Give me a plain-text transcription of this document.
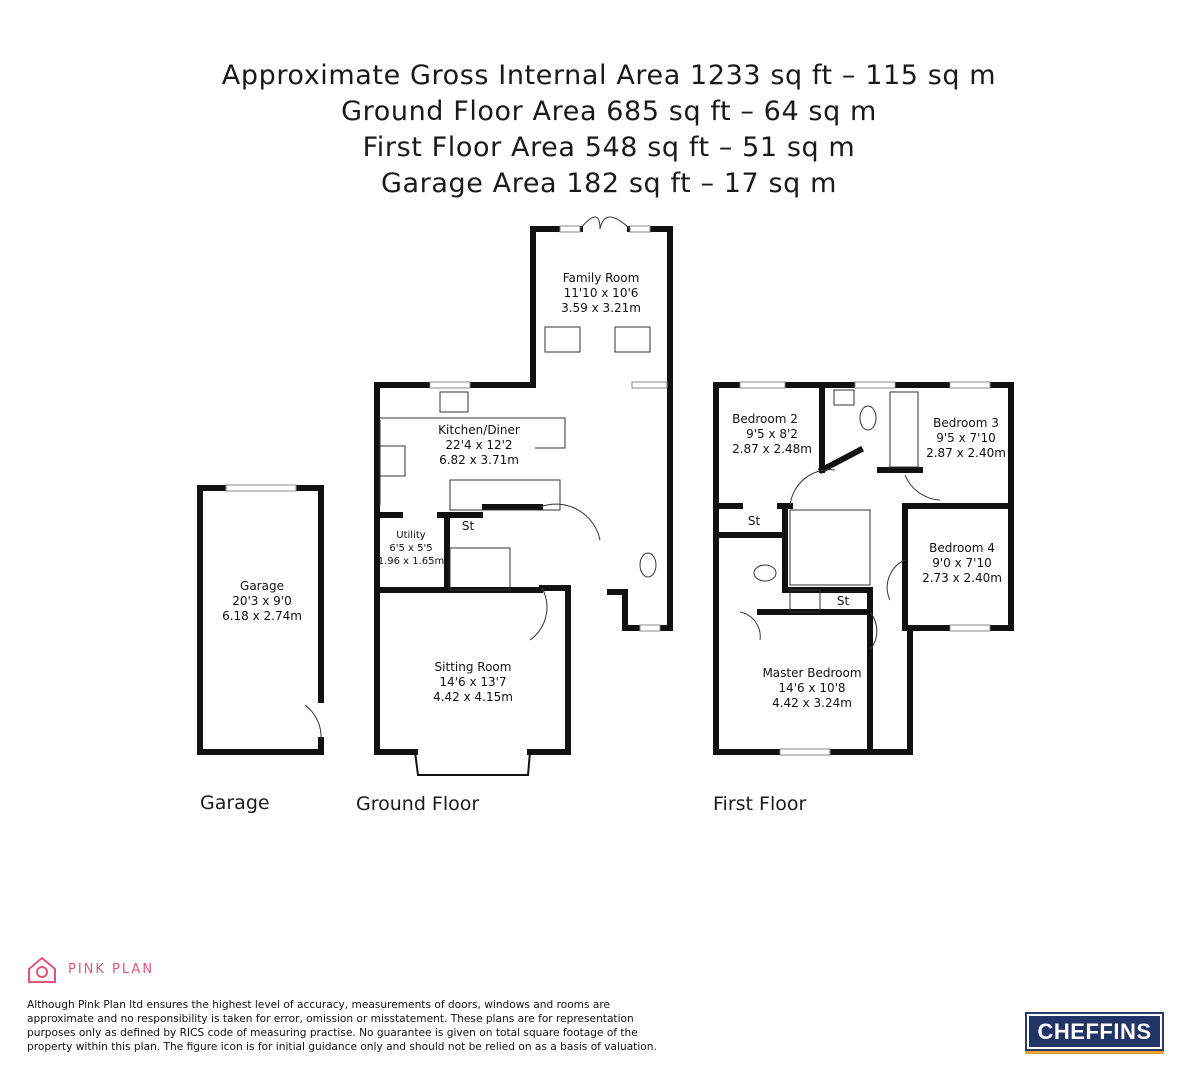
Approximate Gross Internal Area 1233 sq ft – 115 sq m
Ground Floor Area 685 sq ft – 64 sq m
First Floor Area 548 sq ft – 51 sq m
Garage Area 182 sq ft – 17 sq m
Garage
20'3 x 9'0
6.18 x 2.74m
Family Room
11'10 x 10'6
3.59 x 3.21m
Kitchen/Diner
22'4 x 12'2
6.82 x 3.71m
Utility
6'5 x 5'5
1.96 x 1.65m
Sitting Room
14'6 x 13'7
4.42 x 4.15m
Bedroom 2
9'5 x 8'2
2.87 x 2.48m
Bedroom 3
9'5 x 7'10
2.87 x 2.40m
Bedroom 4
9'0 x 7'10
2.73 x 2.40m
Master Bedroom
14'6 x 10'8
4.42 x 3.24m
St	St
St
Garage	Ground Floor	First Floor
PINK PLAN
Although Pink Plan ltd ensures the highest level of accuracy, measurements of doors, windows and rooms are approximate and no responsibility is taken for error, omission or misstatement. These plans are for representation purposes only as defined by RICS code of measuring practise. No guarantee is given on total square footage of the property within this plan. The figure icon is for initial guidance only and should not be relied on as a basis of valuation.
CHEFFINS
